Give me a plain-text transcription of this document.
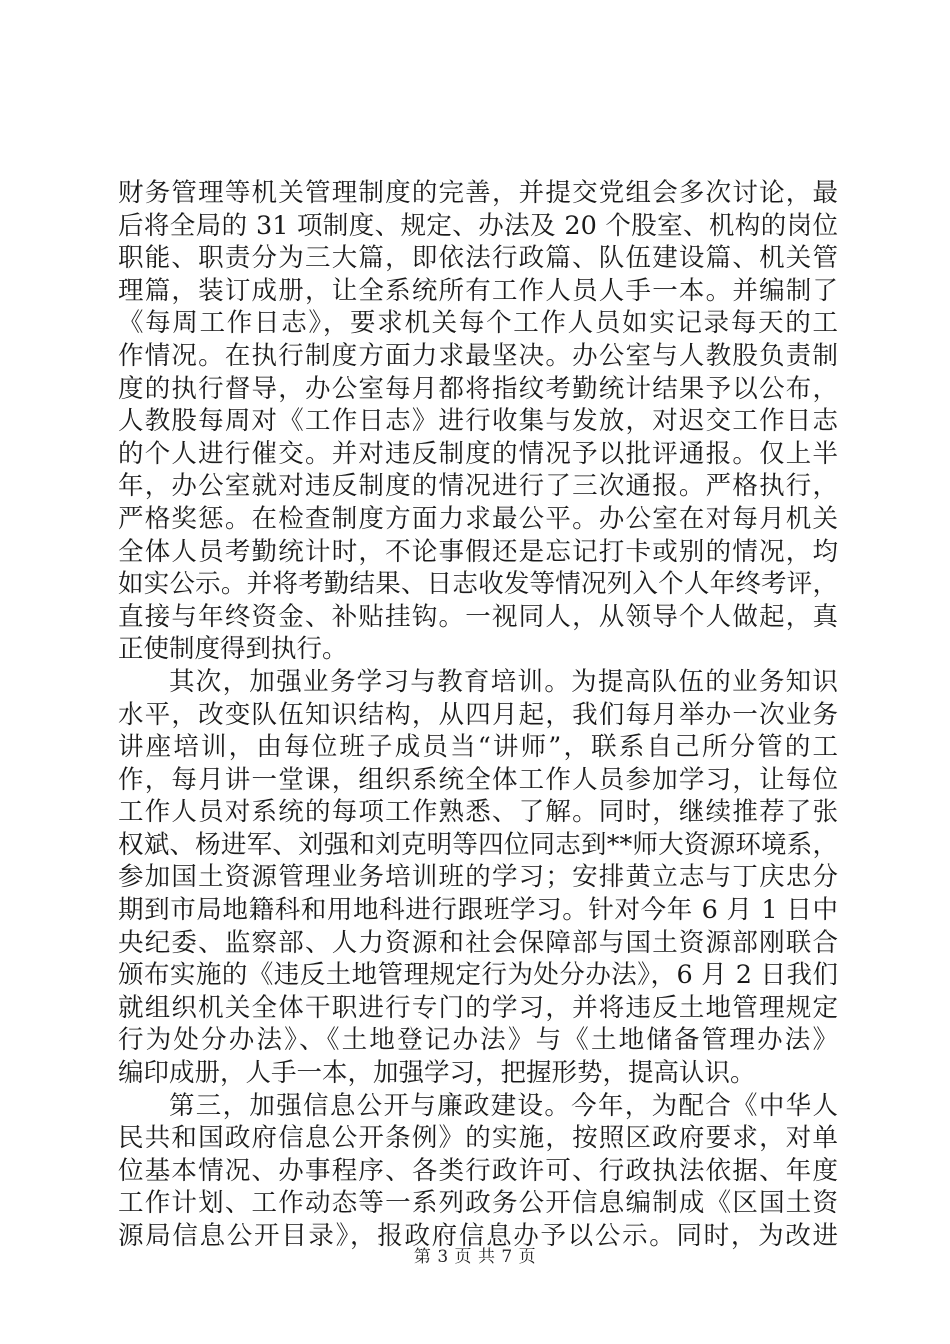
财务管理等机关管理制度的完善，并提交党组会多次讨论，最
后将全局的 31 项制度、规定、办法及 20 个股室、机构的岗位
职能、职责分为三大篇，即依法行政篇、队伍建设篇、机关管
理篇，装订成册，让全系统所有工作人员人手一本。并编制了
《每周工作日志》，要求机关每个工作人员如实记录每天的工
作情况。在执行制度方面力求最坚决。办公室与人教股负责制
度的执行督导，办公室每月都将指纹考勤统计结果予以公布，
人教股每周对《工作日志》进行收集与发放，对迟交工作日志
的个人进行催交。并对违反制度的情况予以批评通报。仅上半
年，办公室就对违反制度的情况进行了三次通报。严格执行，
严格奖惩。在检查制度方面力求最公平。办公室在对每月机关
全体人员考勤统计时，不论事假还是忘记打卡或别的情况，均
如实公示。并将考勤结果、日志收发等情况列入个人年终考评，
直接与年终资金、补贴挂钩。一视同人，从领导个人做起，真
正使制度得到执行。
其次，加强业务学习与教育培训。为提高队伍的业务知识
水平，改变队伍知识结构，从四月起，我们每月举办一次业务
讲座培训，由每位班子成员当“讲师”，联系自己所分管的工
作，每月讲一堂课，组织系统全体工作人员参加学习，让每位
工作人员对系统的每项工作熟悉、了解。同时，继续推荐了张
权斌、杨进军、刘强和刘克明等四位同志到**师大资源环境系，
参加国土资源管理业务培训班的学习；安排黄立志与丁庆忠分
期到市局地籍科和用地科进行跟班学习。针对今年 6 月 1 日中
央纪委、监察部、人力资源和社会保障部与国土资源部刚联合
颁布实施的《违反土地管理规定行为处分办法》，6 月 2 日我们
就组织机关全体干职进行专门的学习，并将违反土地管理规定
行为处分办法》、《土地登记办法》与《土地储备管理办法》
编印成册，人手一本，加强学习，把握形势，提高认识。
第三，加强信息公开与廉政建设。今年，为配合《中华人
民共和国政府信息公开条例》的实施，按照区政府要求，对单
位基本情况、办事程序、各类行政许可、行政执法依据、年度
工作计划、工作动态等一系列政务公开信息编制成《区国土资
源局信息公开目录》，报政府信息办予以公示。同时，为改进
第 3 页 共 7 页
